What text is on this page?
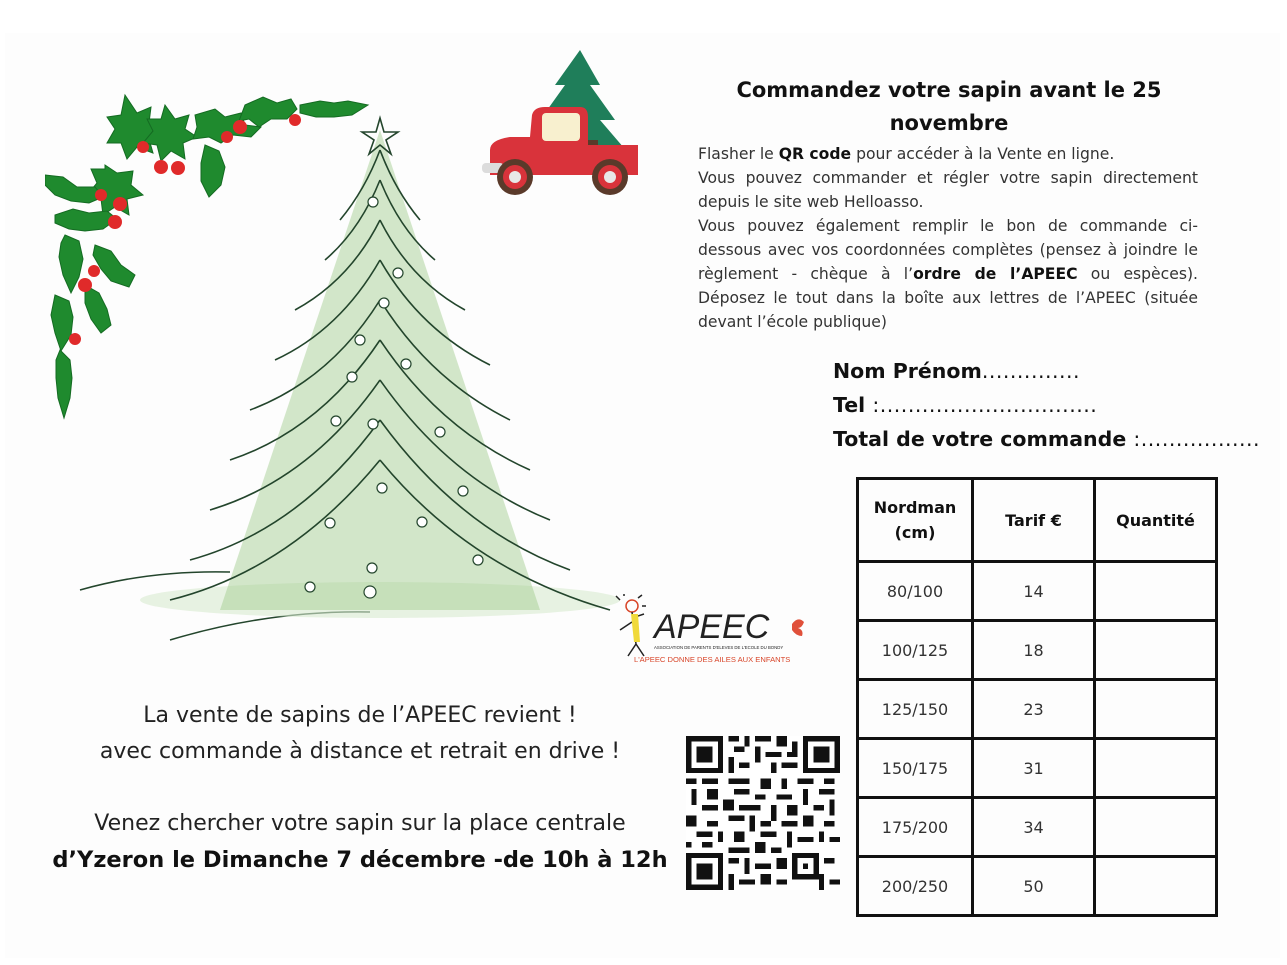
Commandez votre sapin avant le 25
novembre

Flasher le QR code pour accéder à la Vente en ligne.

Vous pouvez commander et régler votre sapin directement depuis le site web Helloasso.

Vous pouvez également remplir le bon de commande ci-dessous avec vos coordonnées complètes (pensez à joindre le règlement - chèque à l’ordre de l’APEEC ou espèces). Déposez le tout dans la boîte aux lettres de l’APEEC (située devant l’école publique)

Nom Prénom..............
Tel :...............................
Total de votre commande :.................
Nordman
(cm)	Tarif €	Quantité
80/100	14	
100/125	18	
125/150	23	
150/175	31	
175/200	34	
200/250	50	
APEEC
ASSOCIATION DE PARENTS D'ELEVES DE L'ECOLE DU BONDY
L'APEEC DONNE DES AILES AUX ENFANTS

La vente de sapins de l’APEEC revient !

avec commande à distance et retrait en drive !

Venez chercher votre sapin sur la place centrale

d’Yzeron le Dimanche 7 décembre -de 10h à 12h
